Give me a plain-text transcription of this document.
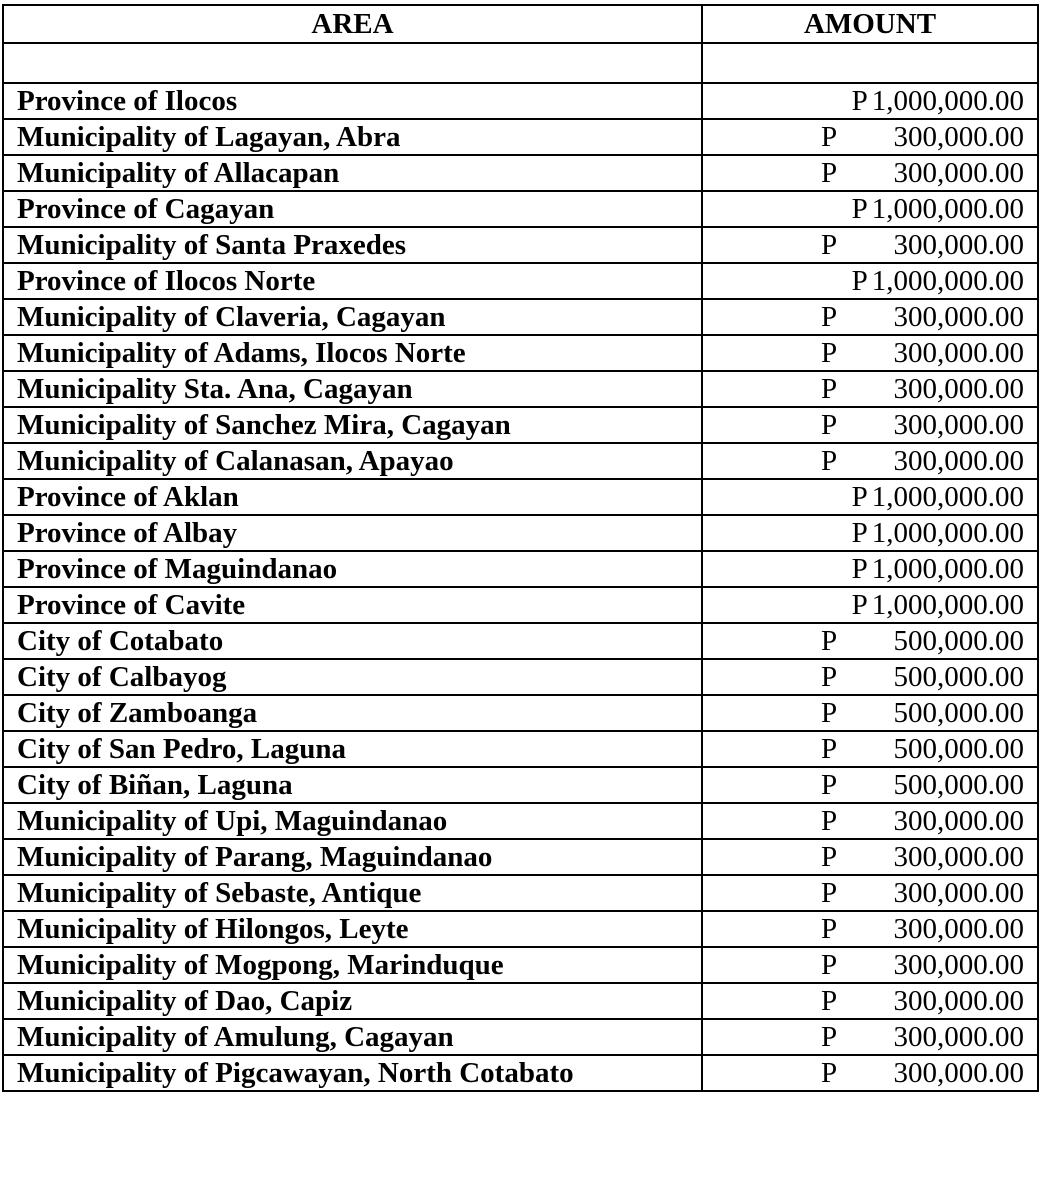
AREA	AMOUNT

Province of Ilocos	P 1,000,000.00

Municipality of Lagayan, Abra	P 300,000.00

Municipality of Allacapan	P 300,000.00

Province of Cagayan	P 1,000,000.00

Municipality of Santa Praxedes	P 300,000.00

Province of Ilocos Norte	P 1,000,000.00

Municipality of Claveria, Cagayan	P 300,000.00

Municipality of Adams, Ilocos Norte	P 300,000.00

Municipality Sta. Ana, Cagayan	P 300,000.00

Municipality of Sanchez Mira, Cagayan	P 300,000.00

Municipality of Calanasan, Apayao	P 300,000.00

Province of Aklan	P 1,000,000.00

Province of Albay	P 1,000,000.00

Province of Maguindanao	P 1,000,000.00

Province of Cavite	P 1,000,000.00

City of Cotabato	P 500,000.00

City of Calbayog	P 500,000.00

City of Zamboanga	P 500,000.00

City of San Pedro, Laguna	P 500,000.00

City of Biñan, Laguna	P 500,000.00

Municipality of Upi, Maguindanao	P 300,000.00

Municipality of Parang, Maguindanao	P 300,000.00

Municipality of Sebaste, Antique	P 300,000.00

Municipality of Hilongos, Leyte	P 300,000.00

Municipality of Mogpong, Marinduque	P 300,000.00

Municipality of Dao, Capiz	P 300,000.00

Municipality of Amulung, Cagayan	P 300,000.00

Municipality of Pigcawayan, North Cotabato	P 300,000.00
